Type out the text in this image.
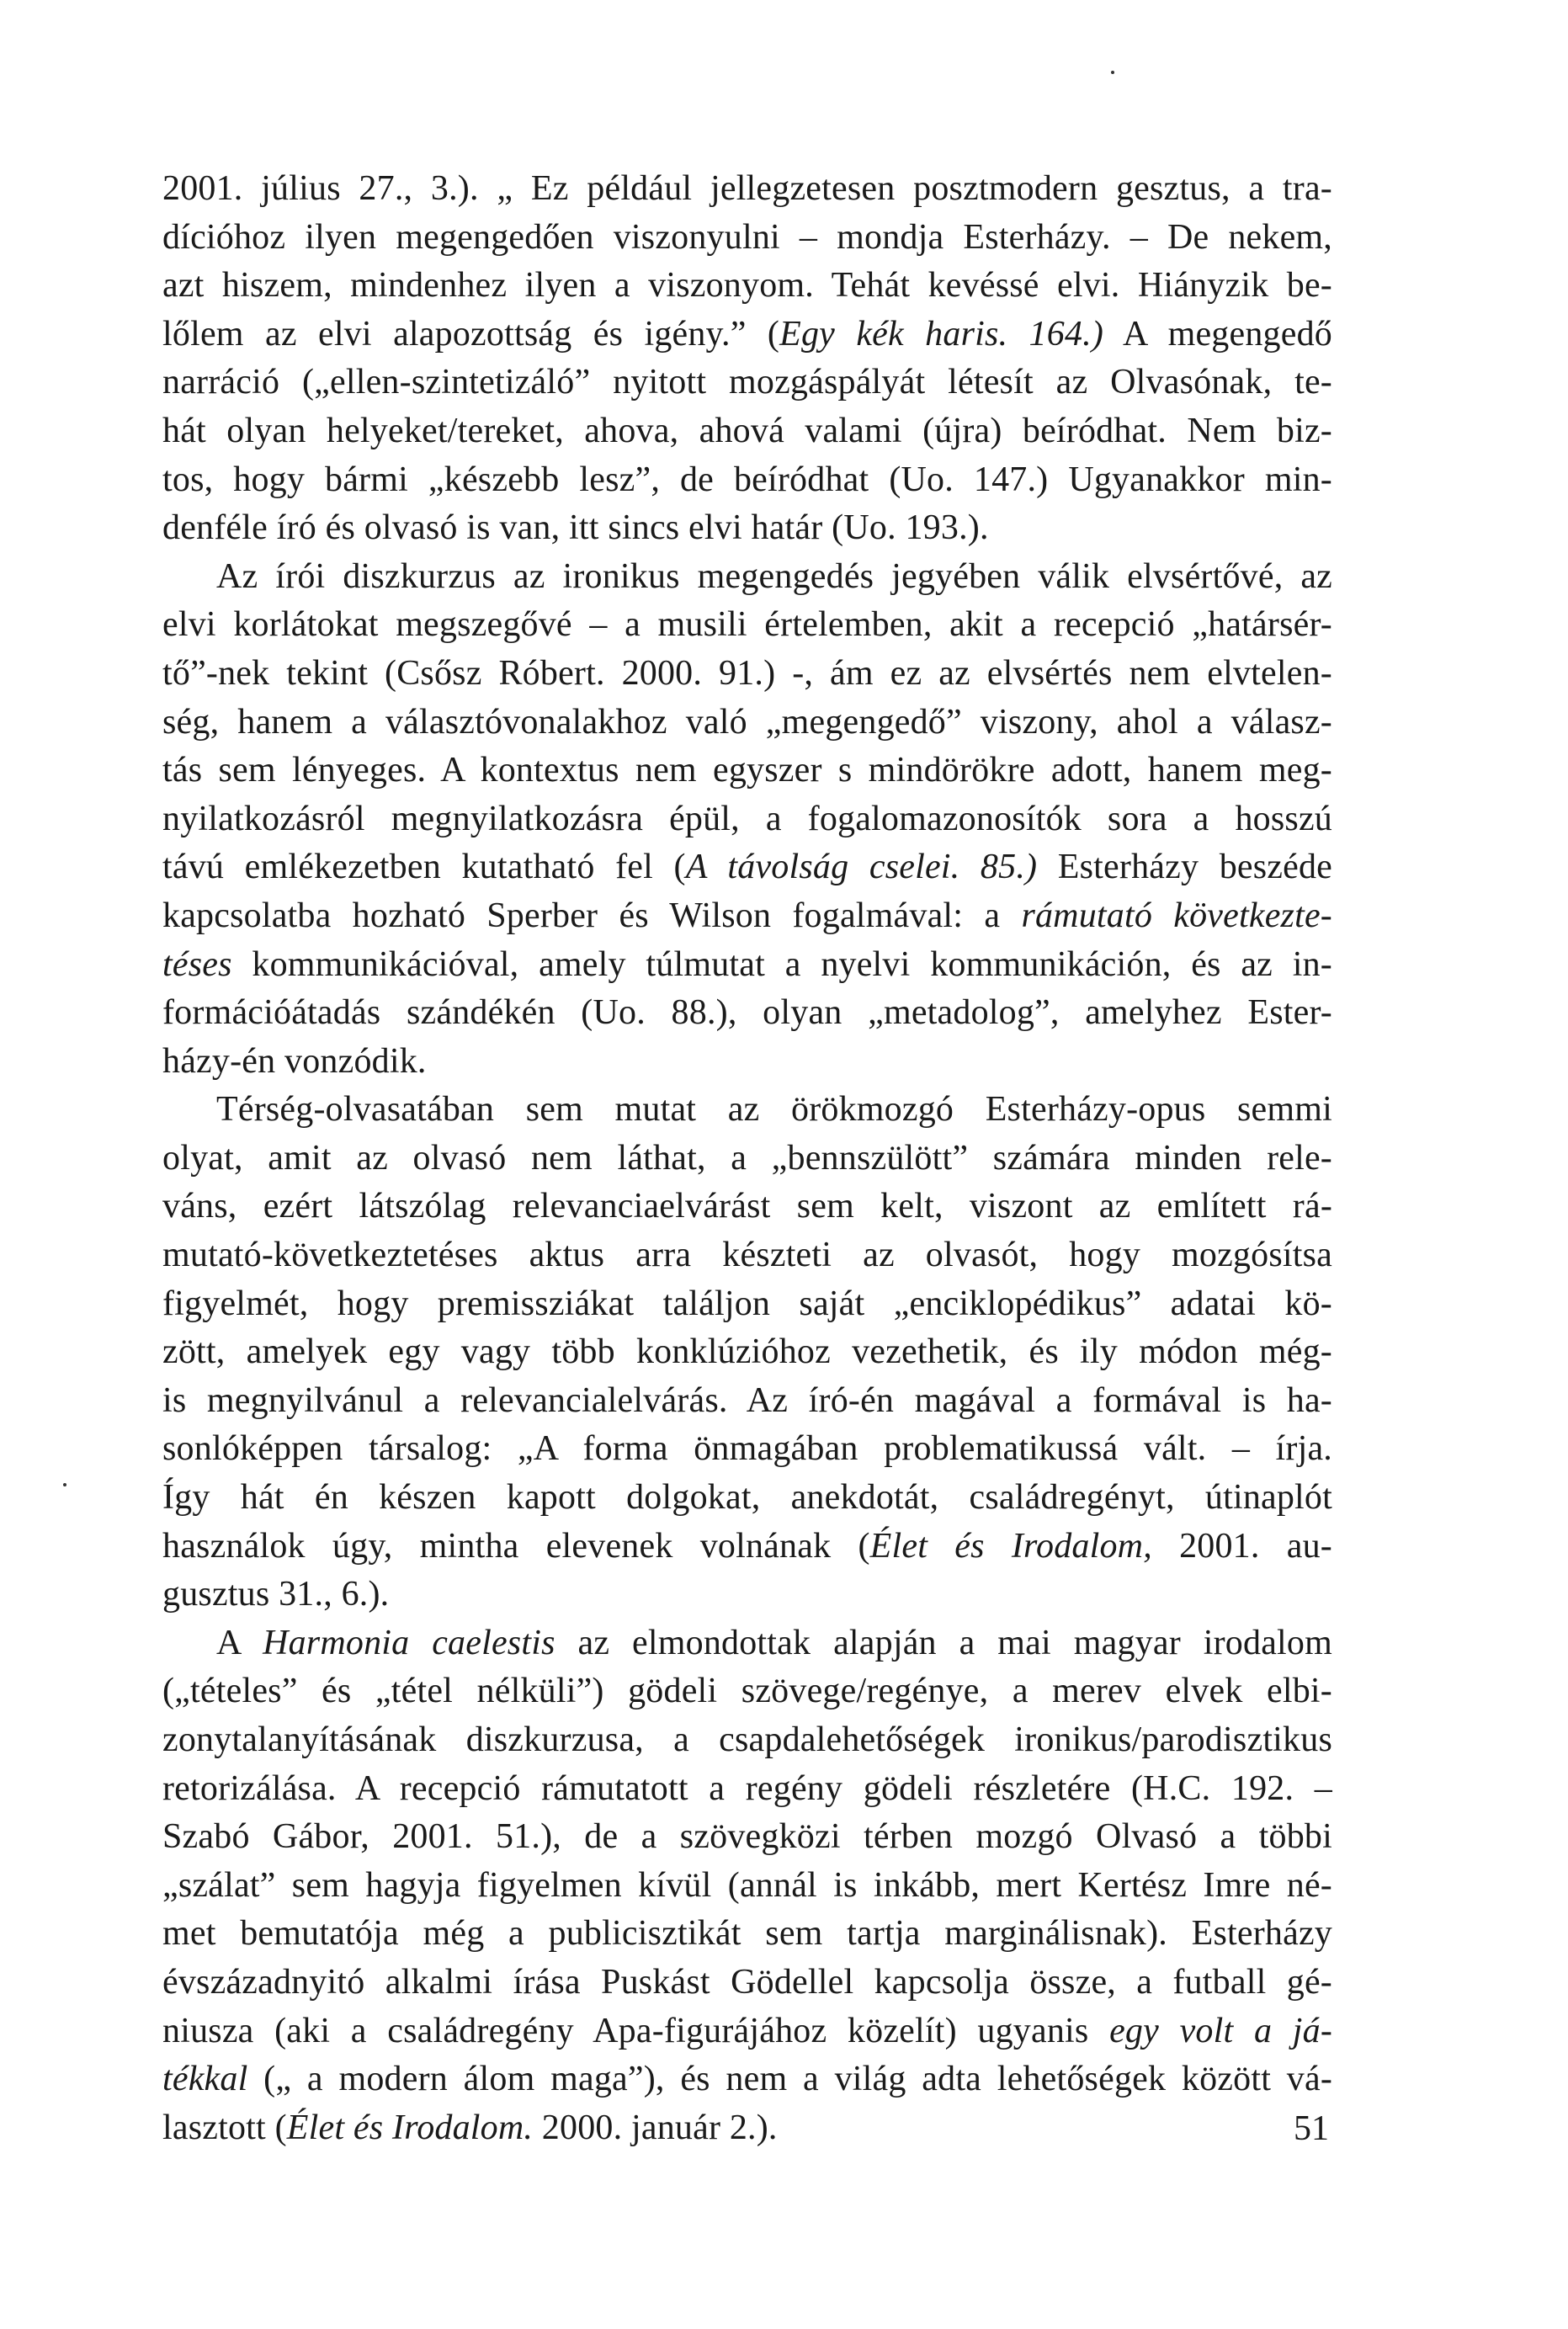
2001. július 27., 3.). „ Ez például jellegzetesen posztmodern gesztus, a tra-
dícióhoz ilyen megengedően viszonyulni – mondja Esterházy. – De nekem,
azt hiszem, mindenhez ilyen a viszonyom. Tehát kevéssé elvi. Hiányzik be-
lőlem az elvi alapozottság és igény.” (Egy kék haris. 164.) A megengedő
narráció („ellen-szintetizáló” nyitott mozgáspályát létesít az Olvasónak, te-
hát olyan helyeket/tereket, ahova, ahová valami (újra) beíródhat. Nem biz-
tos, hogy bármi „készebb lesz”, de beíródhat (Uo. 147.) Ugyanakkor min-
denféle író és olvasó is van, itt sincs elvi határ (Uo. 193.).
Az írói diszkurzus az ironikus megengedés jegyében válik elvsértővé, az
elvi korlátokat megszegővé – a musili értelemben, akit a recepció „határsér-
tő”-nek tekint (Csősz Róbert. 2000. 91.) -, ám ez az elvsértés nem elvtelen-
ség, hanem a választóvonalakhoz való „megengedő” viszony, ahol a válasz-
tás sem lényeges. A kontextus nem egyszer s mindörökre adott, hanem meg-
nyilatkozásról megnyilatkozásra épül, a fogalomazonosítók sora a hosszú
távú emlékezetben kutatható fel (A távolság cselei. 85.) Esterházy beszéde
kapcsolatba hozható Sperber és Wilson fogalmával: a rámutató következte-
téses kommunikációval, amely túlmutat a nyelvi kommunikáción, és az in-
formációátadás szándékén (Uo. 88.), olyan „metadolog”, amelyhez Ester-
házy-én vonzódik.
Térség-olvasatában sem mutat az örökmozgó Esterházy-opus semmi
olyat, amit az olvasó nem láthat, a „bennszülött” számára minden rele-
váns, ezért látszólag relevanciaelvárást sem kelt, viszont az említett rá-
mutató-következtetéses aktus arra készteti az olvasót, hogy mozgósítsa
figyelmét, hogy premissziákat találjon saját „enciklopédikus” adatai kö-
zött, amelyek egy vagy több konklúzióhoz vezethetik, és ily módon még-
is megnyilvánul a relevancialelvárás. Az író-én magával a formával is ha-
sonlóképpen társalog: „A forma önmagában problematikussá vált. – írja.
Így hát én készen kapott dolgokat, anekdotát, családregényt, útinaplót
használok úgy, mintha elevenek volnának (Élet és Irodalom, 2001. au-
gusztus 31., 6.).
A Harmonia caelestis az elmondottak alapján a mai magyar irodalom
(„tételes” és „tétel nélküli”) gödeli szövege/regénye, a merev elvek elbi-
zonytalanyításának diszkurzusa, a csapdalehetőségek ironikus/parodisztikus
retorizálása. A recepció rámutatott a regény gödeli részletére (H.C. 192. –
Szabó Gábor, 2001. 51.), de a szövegközi térben mozgó Olvasó a többi
„szálat” sem hagyja figyelmen kívül (annál is inkább, mert Kertész Imre né-
met bemutatója még a publicisztikát sem tartja marginálisnak). Esterházy
évszázadnyitó alkalmi írása Puskást Gödellel kapcsolja össze, a futball gé-
niusza (aki a családregény Apa-figurájához közelít) ugyanis egy volt a já-
tékkal („ a modern álom maga”), és nem a világ adta lehetőségek között vá-
lasztott (Élet és Irodalom. 2000. január 2.).	51
